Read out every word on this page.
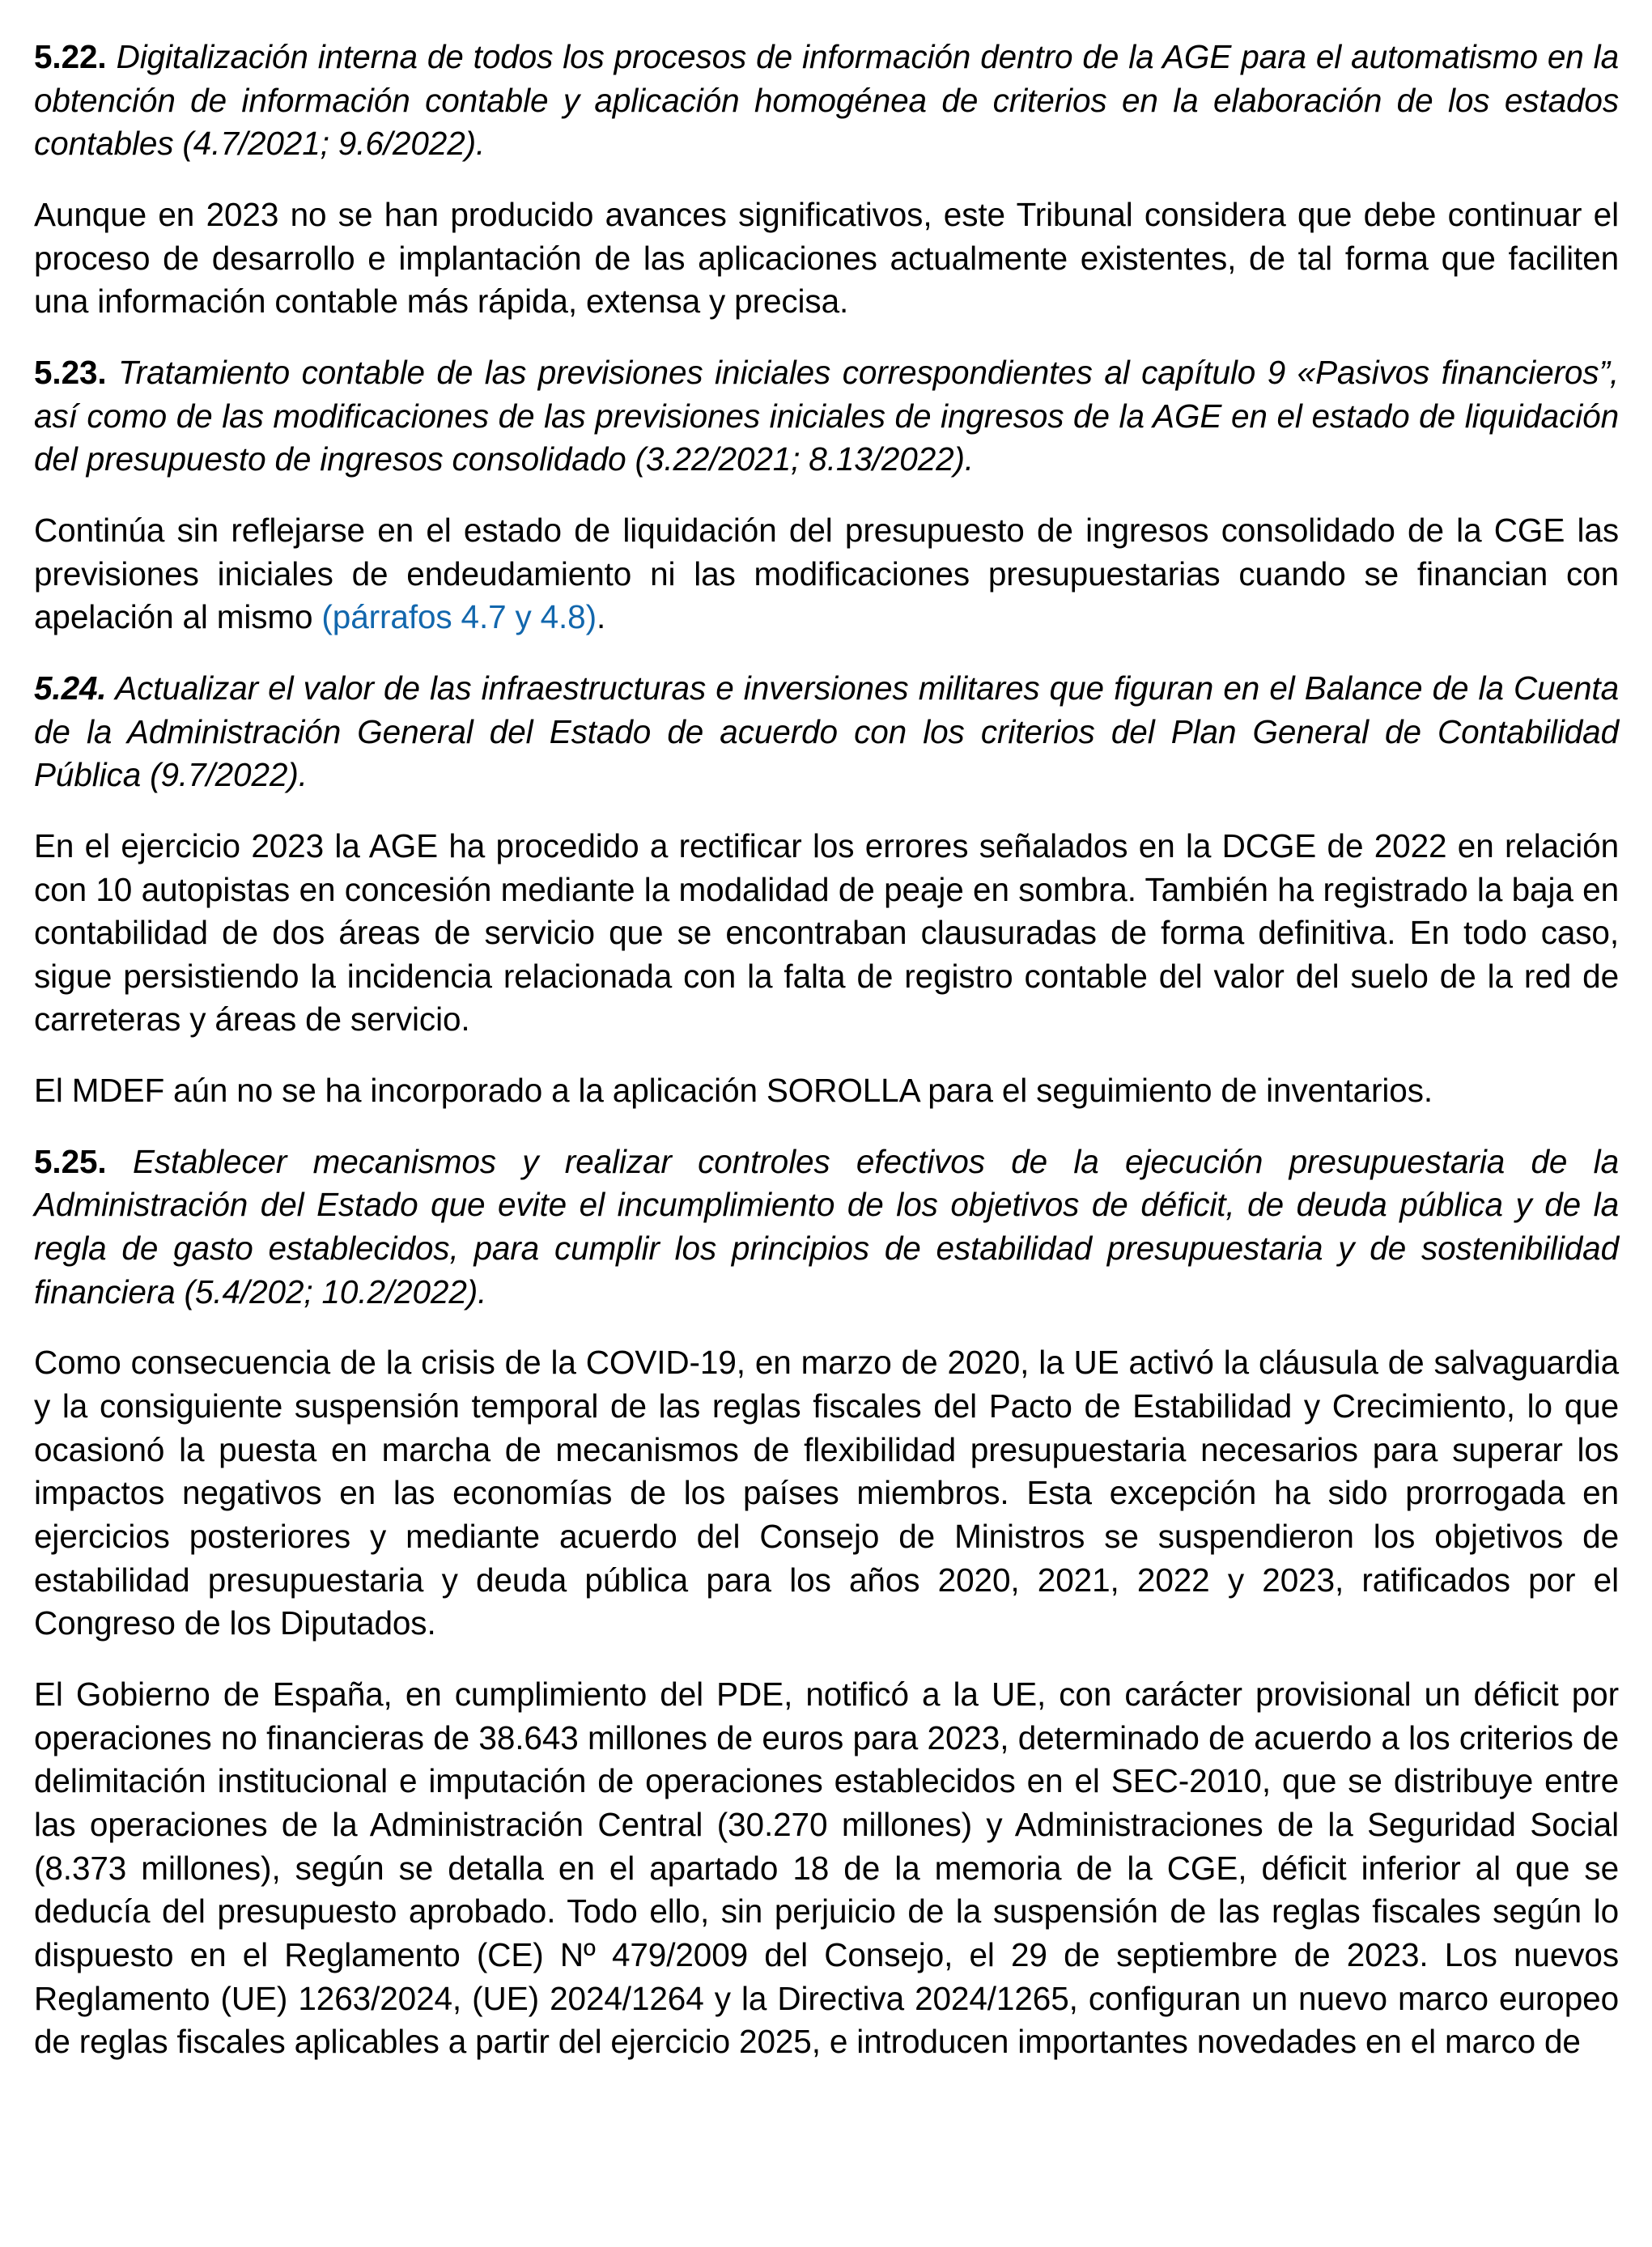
5.22. Digitalización interna de todos los procesos de información dentro de la AGE para el automatismo en la obtención de información contable y aplicación homogénea de criterios en la elaboración de los estados contables (4.7/2021; 9.6/2022).

Aunque en 2023 no se han producido avances significativos, este Tribunal considera que debe continuar el proceso de desarrollo e implantación de las aplicaciones actualmente existentes, de tal forma que faciliten una información contable más rápida, extensa y precisa.

5.23. Tratamiento contable de las previsiones iniciales correspondientes al capítulo 9 «Pasivos financieros”, así como de las modificaciones de las previsiones iniciales de ingresos de la AGE en el estado de liquidación del presupuesto de ingresos consolidado (3.22/2021; 8.13/2022).

Continúa sin reflejarse en el estado de liquidación del presupuesto de ingresos consolidado de la CGE las previsiones iniciales de endeudamiento ni las modificaciones presupuestarias cuando se financian con apelación al mismo (párrafos 4.7 y 4.8).

5.24. Actualizar el valor de las infraestructuras e inversiones militares que figuran en el Balance de la Cuenta de la Administración General del Estado de acuerdo con los criterios del Plan General de Contabilidad Pública (9.7/2022).

En el ejercicio 2023 la AGE ha procedido a rectificar los errores señalados en la DCGE de 2022 en relación con 10 autopistas en concesión mediante la modalidad de peaje en sombra. También ha registrado la baja en contabilidad de dos áreas de servicio que se encontraban clausuradas de forma definitiva. En todo caso, sigue persistiendo la incidencia relacionada con la falta de registro contable del valor del suelo de la red de carreteras y áreas de servicio.

El MDEF aún no se ha incorporado a la aplicación SOROLLA para el seguimiento de inventarios.

5.25. Establecer mecanismos y realizar controles efectivos de la ejecución presupuestaria de la Administración del Estado que evite el incumplimiento de los objetivos de déficit, de deuda pública y de la regla de gasto establecidos, para cumplir los principios de estabilidad presupuestaria y de sostenibilidad financiera (5.4/202; 10.2/2022).

Como consecuencia de la crisis de la COVID-19, en marzo de 2020, la UE activó la cláusula de salvaguardia y la consiguiente suspensión temporal de las reglas fiscales del Pacto de Estabilidad y Crecimiento, lo que ocasionó la puesta en marcha de mecanismos de flexibilidad presupuestaria necesarios para superar los impactos negativos en las economías de los países miembros. Esta excepción ha sido prorrogada en ejercicios posteriores y mediante acuerdo del Consejo de Ministros se suspendieron los objetivos de estabilidad presupuestaria y deuda pública para los años 2020, 2021, 2022 y 2023, ratificados por el Congreso de los Diputados.

El Gobierno de España, en cumplimiento del PDE, notificó a la UE, con carácter provisional un déficit por operaciones no financieras de 38.643 millones de euros para 2023, determinado de acuerdo a los criterios de delimitación institucional e imputación de operaciones establecidos en el SEC-2010, que se distribuye entre las operaciones de la Administración Central (30.270 millones) y Administraciones de la Seguridad Social (8.373 millones), según se detalla en el apartado 18 de la memoria de la CGE, déficit inferior al que se deducía del presupuesto aprobado. Todo ello, sin perjuicio de la suspensión de las reglas fiscales según lo dispuesto en el Reglamento (CE) Nº 479/2009 del Consejo, el 29 de septiembre de 2023. Los nuevos Reglamento (UE) 1263/2024, (UE) 2024/1264 y la Directiva 2024/1265, configuran un nuevo marco europeo de reglas fiscales aplicables a partir del ejercicio 2025, e introducen importantes novedades en el marco de
